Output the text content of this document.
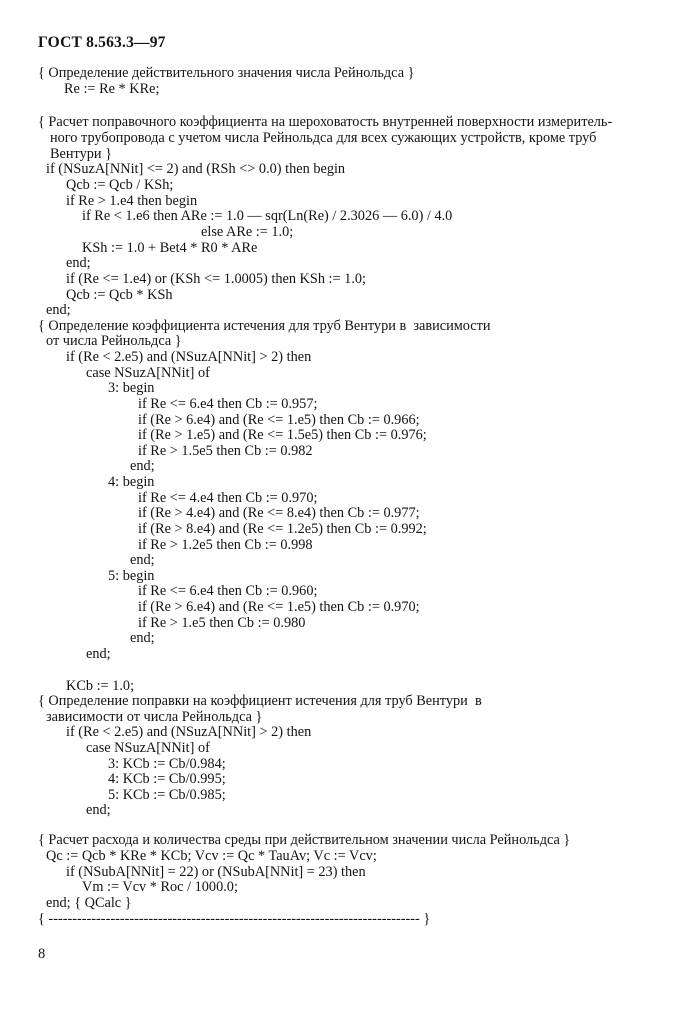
ГОСТ 8.563.3—97
{ Определение действительного значения числа Рейнольдса }
Re := Re * KRe;
{ Расчет поправочного коэффициента на шероховатость внутренней поверхности измеритель-
ного трубопровода с учетом числа Рейнольдса для всех сужающих устройств, кроме труб
Вентури }
if (NSuzA[NNit] <= 2) and (RSh <> 0.0) then begin
Qcb := Qcb / KSh;
if Re > 1.e4 then begin
if Re < 1.e6 then ARe := 1.0 — sqr(Ln(Re) / 2.3026 — 6.0) / 4.0
else ARe := 1.0;
KSh := 1.0 + Bet4 * R0 * ARe
end;
if (Re <= 1.e4) or (KSh <= 1.0005) then KSh := 1.0;
Qcb := Qcb * KSh
end;
{ Определение коэффициента истечения для труб Вентури в  зависимости
от числа Рейнольдса }
if (Re < 2.e5) and (NSuzA[NNit] > 2) then
case NSuzA[NNit] of
3: begin
if Re <= 6.e4 then Cb := 0.957;
if (Re > 6.e4) and (Re <= 1.e5) then Cb := 0.966;
if (Re > 1.e5) and (Re <= 1.5e5) then Cb := 0.976;
if Re > 1.5e5 then Cb := 0.982
end;
4: begin
if Re <= 4.e4 then Cb := 0.970;
if (Re > 4.e4) and (Re <= 8.e4) then Cb := 0.977;
if (Re > 8.e4) and (Re <= 1.2e5) then Cb := 0.992;
if Re > 1.2e5 then Cb := 0.998
end;
5: begin
if Re <= 6.e4 then Cb := 0.960;
if (Re > 6.e4) and (Re <= 1.e5) then Cb := 0.970;
if Re > 1.e5 then Cb := 0.980
end;
end;
KCb := 1.0;
{ Определение поправки на коэффициент истечения для труб Вентури  в
зависимости от числа Рейнольдса }
if (Re < 2.e5) and (NSuzA[NNit] > 2) then
case NSuzA[NNit] of
3: KCb := Cb/0.984;
4: KCb := Cb/0.995;
5: KCb := Cb/0.985;
end;
{ Расчет расхода и количества среды при действительном значении числа Рейнольдса }
Qc := Qcb * KRe * KCb; Vcv := Qc * TauAv; Vc := Vcv;
if (NSubA[NNit] = 22) or (NSubA[NNit] = 23) then
Vm := Vcv * Roc / 1000.0;
end; { QCalc }
{ ------------------------------------------------------------------------------ }
8
